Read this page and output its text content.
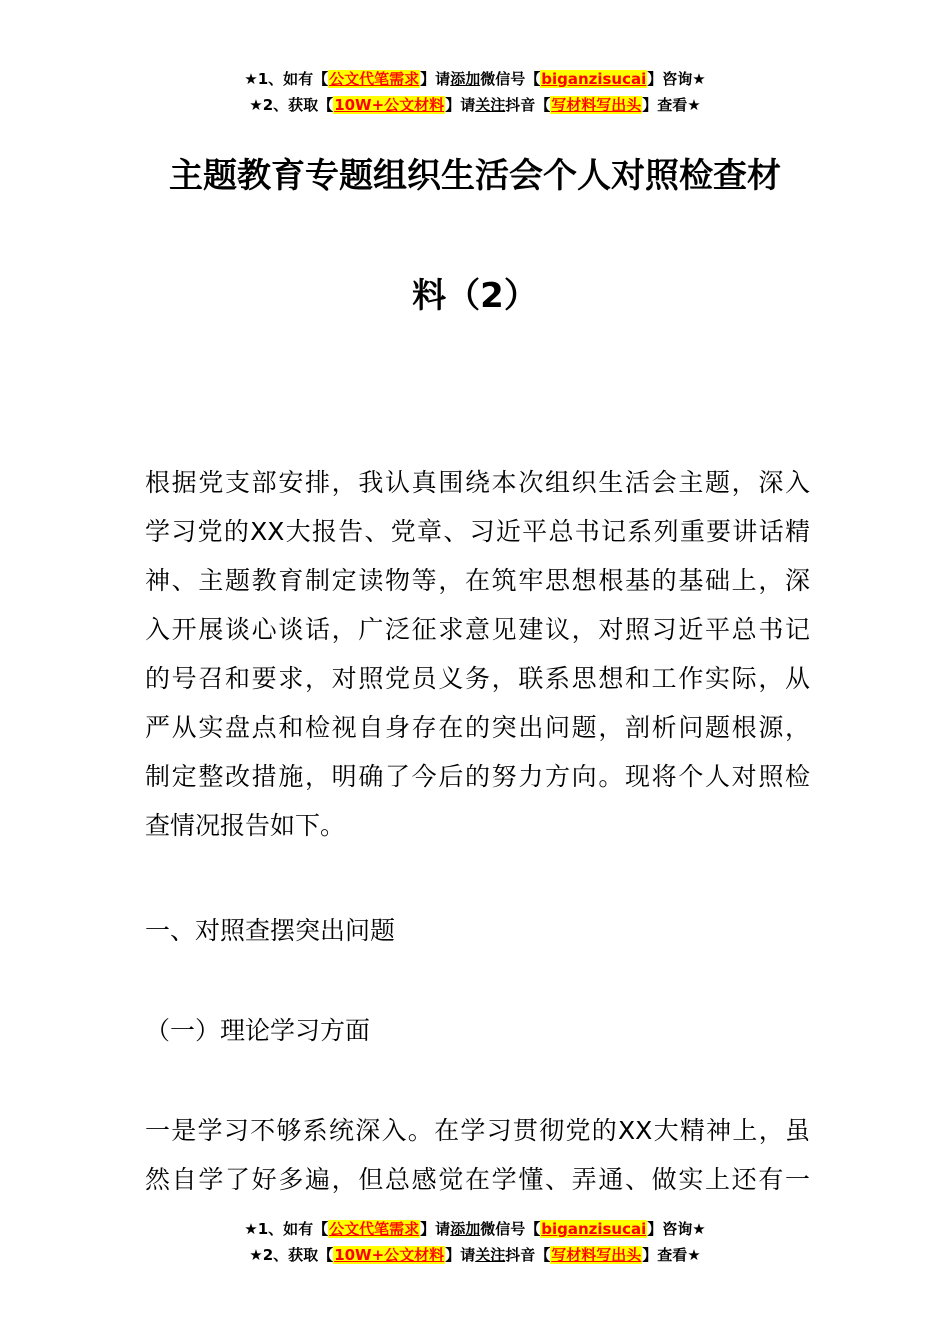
★1、如有【公文代笔需求】请添加微信号【biganzisucai】咨询★
★2、获取【10W+公文材料】请关注抖音【写材料写出头】查看★
主题教育专题组织生活会个人对照检查材
料（2）
根据党支部安排，我认真围绕本次组织生活会主题，深入
学习党的XX大报告、党章、习近平总书记系列重要讲话精
神、主题教育制定读物等，在筑牢思想根基的基础上，深
入开展谈心谈话，广泛征求意见建议，对照习近平总书记
的号召和要求，对照党员义务，联系思想和工作实际，从
严从实盘点和检视自身存在的突出问题，剖析问题根源，
制定整改措施，明确了今后的努力方向。现将个人对照检
查情况报告如下。
一、对照查摆突出问题
（一）理论学习方面
一是学习不够系统深入。在学习贯彻党的XX大精神上，虽
然自学了好多遍，但总感觉在学懂、弄通、做实上还有一
★1、如有【公文代笔需求】请添加微信号【biganzisucai】咨询★
★2、获取【10W+公文材料】请关注抖音【写材料写出头】查看★
